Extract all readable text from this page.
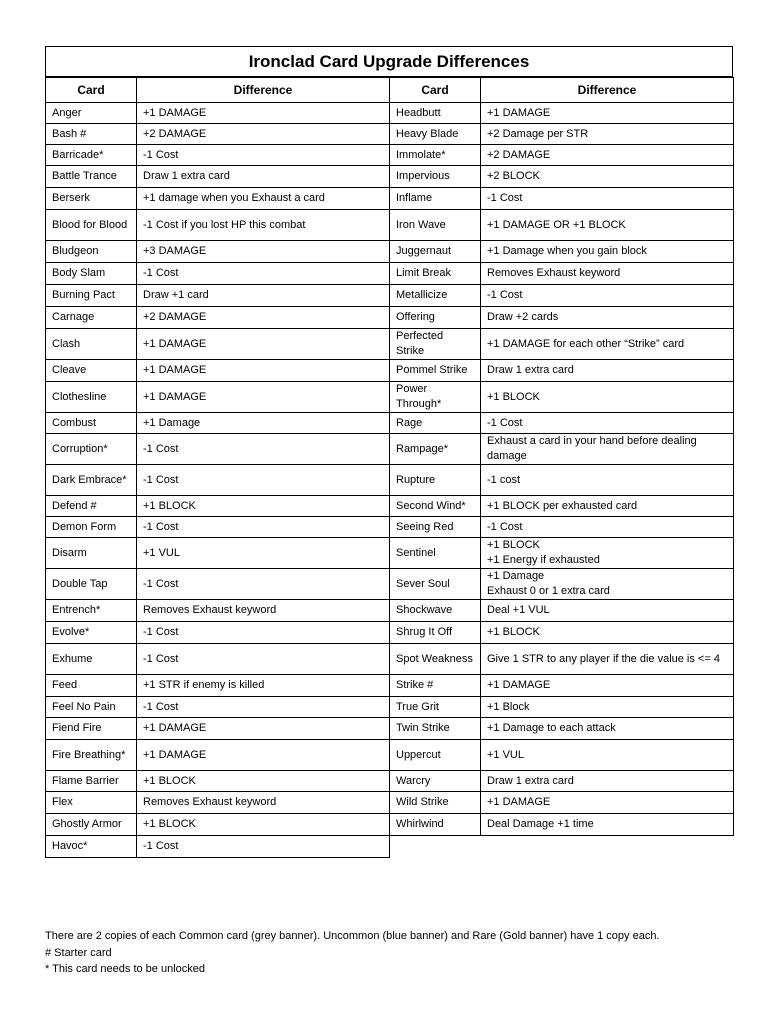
Ironclad Card Upgrade Differences
Card	Difference	Card	Difference
Anger	+1 DAMAGE	Headbutt	+1 DAMAGE
Bash #	+2 DAMAGE	Heavy Blade	+2 Damage per STR
Barricade*	-1 Cost	Immolate*	+2 DAMAGE
Battle Trance	Draw 1 extra card	Impervious	+2 BLOCK
Berserk	+1 damage when you Exhaust a card	Inflame	-1 Cost
Blood for Blood	-1 Cost if you lost HP this combat	Iron Wave	+1 DAMAGE OR +1 BLOCK
Bludgeon	+3 DAMAGE	Juggernaut	+1 Damage when you gain block
Body Slam	-1 Cost	Limit Break	Removes Exhaust keyword
Burning Pact	Draw +1 card	Metallicize	-1 Cost
Carnage	+2 DAMAGE	Offering	Draw +2 cards
Clash	+1 DAMAGE	Perfected Strike	+1 DAMAGE for each other “Strike” card
Cleave	+1 DAMAGE	Pommel Strike	Draw 1 extra card
Clothesline	+1 DAMAGE	Power Through*	+1 BLOCK
Combust	+1 Damage	Rage	-1 Cost
Corruption*	-1 Cost	Rampage*	Exhaust a card in your hand before dealing damage
Dark Embrace*	-1 Cost	Rupture	-1 cost
Defend #	+1 BLOCK	Second Wind*	+1 BLOCK per exhausted card
Demon Form	-1 Cost	Seeing Red	-1 Cost
Disarm	+1 VUL	Sentinel	+1 BLOCK
+1 Energy if exhausted
Double Tap	-1 Cost	Sever Soul	+1 Damage
Exhaust 0 or 1 extra card
Entrench*	Removes Exhaust keyword	Shockwave	Deal +1 VUL
Evolve*	-1 Cost	Shrug It Off	+1 BLOCK
Exhume	-1 Cost	Spot Weakness	Give 1 STR to any player if the die value is <= 4
Feed	+1 STR if enemy is killed	Strike #	+1 DAMAGE
Feel No Pain	-1 Cost	True Grit	+1 Block
Fiend Fire	+1 DAMAGE	Twin Strike	+1 Damage to each attack
Fire Breathing*	+1 DAMAGE	Uppercut	+1 VUL
Flame Barrier	+1 BLOCK	Warcry	Draw 1 extra card
Flex	Removes Exhaust keyword	Wild Strike	+1 DAMAGE
Ghostly Armor	+1 BLOCK	Whirlwind	Deal Damage +1 time
Havoc*	-1 Cost		
There are 2 copies of each Common card (grey banner). Uncommon (blue banner) and Rare (Gold banner) have 1 copy each.
# Starter card
* This card needs to be unlocked
